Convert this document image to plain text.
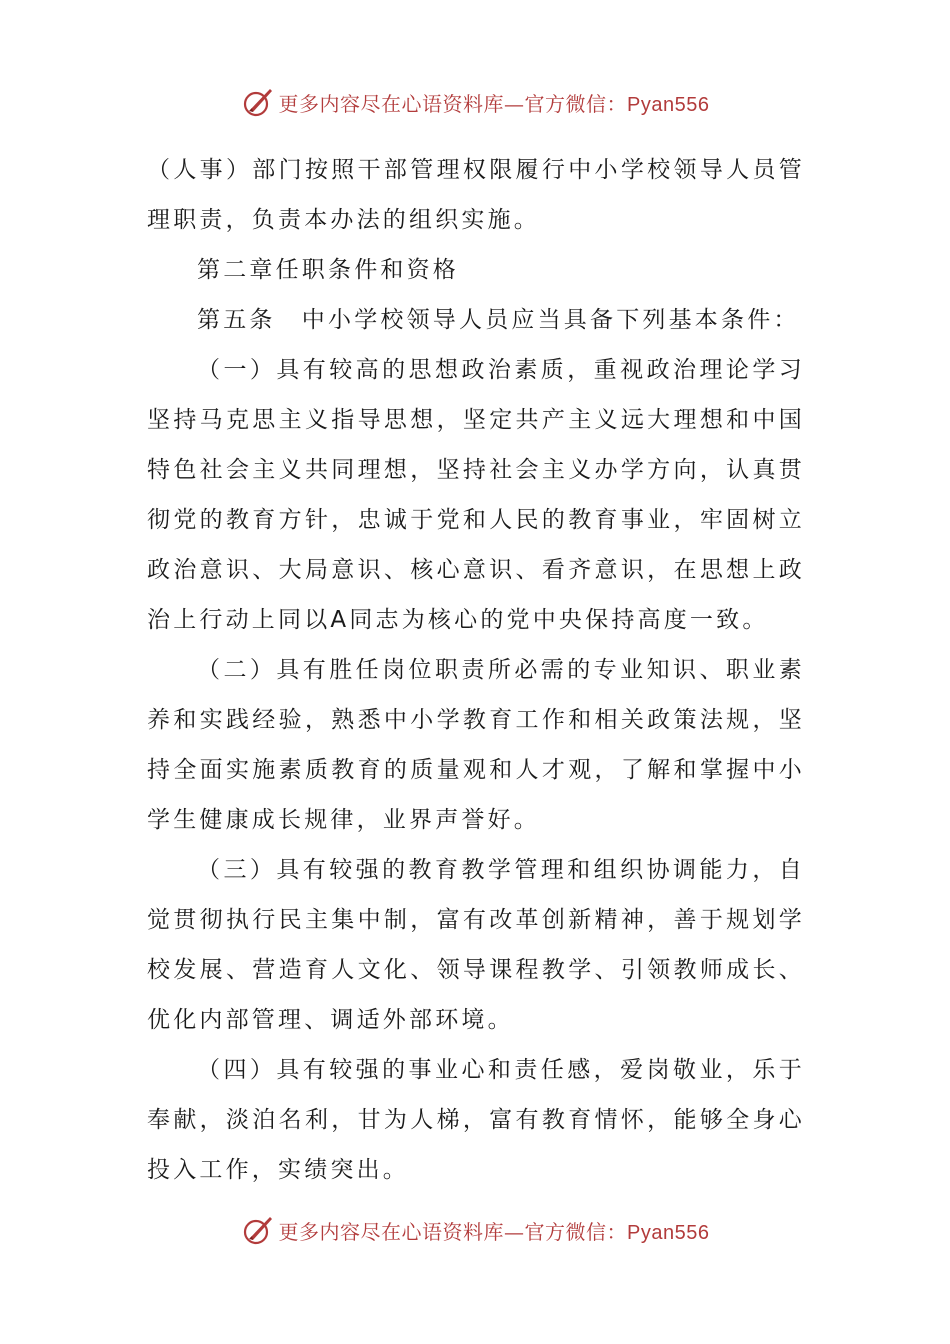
更多内容尽在心语资料库—官方微信：Pyan556

（人事）部门按照干部管理权限履行中小学校领导人员管理职责，负责本办法的组织实施。

第二章任职条件和资格

第五条　中小学校领导人员应当具备下列基本条件：

（一）具有较高的思想政治素质，重视政治理论学习坚持马克思主义指导思想，坚定共产主义远大理想和中国特色社会主义共同理想，坚持社会主义办学方向，认真贯彻党的教育方针，忠诚于党和人民的教育事业，牢固树立政治意识、大局意识、核心意识、看齐意识，在思想上政治上行动上同以A同志为核心的党中央保持高度一致。

（二）具有胜任岗位职责所必需的专业知识、职业素养和实践经验，熟悉中小学教育工作和相关政策法规，坚持全面实施素质教育的质量观和人才观，了解和掌握中小学生健康成长规律，业界声誉好。

（三）具有较强的教育教学管理和组织协调能力，自觉贯彻执行民主集中制，富有改革创新精神，善于规划学校发展、营造育人文化、领导课程教学、引领教师成长、优化内部管理、调适外部环境。

（四）具有较强的事业心和责任感，爱岗敬业，乐于奉献，淡泊名利，甘为人梯，富有教育情怀，能够全身心投入工作，实绩突出。

更多内容尽在心语资料库—官方微信：Pyan556
